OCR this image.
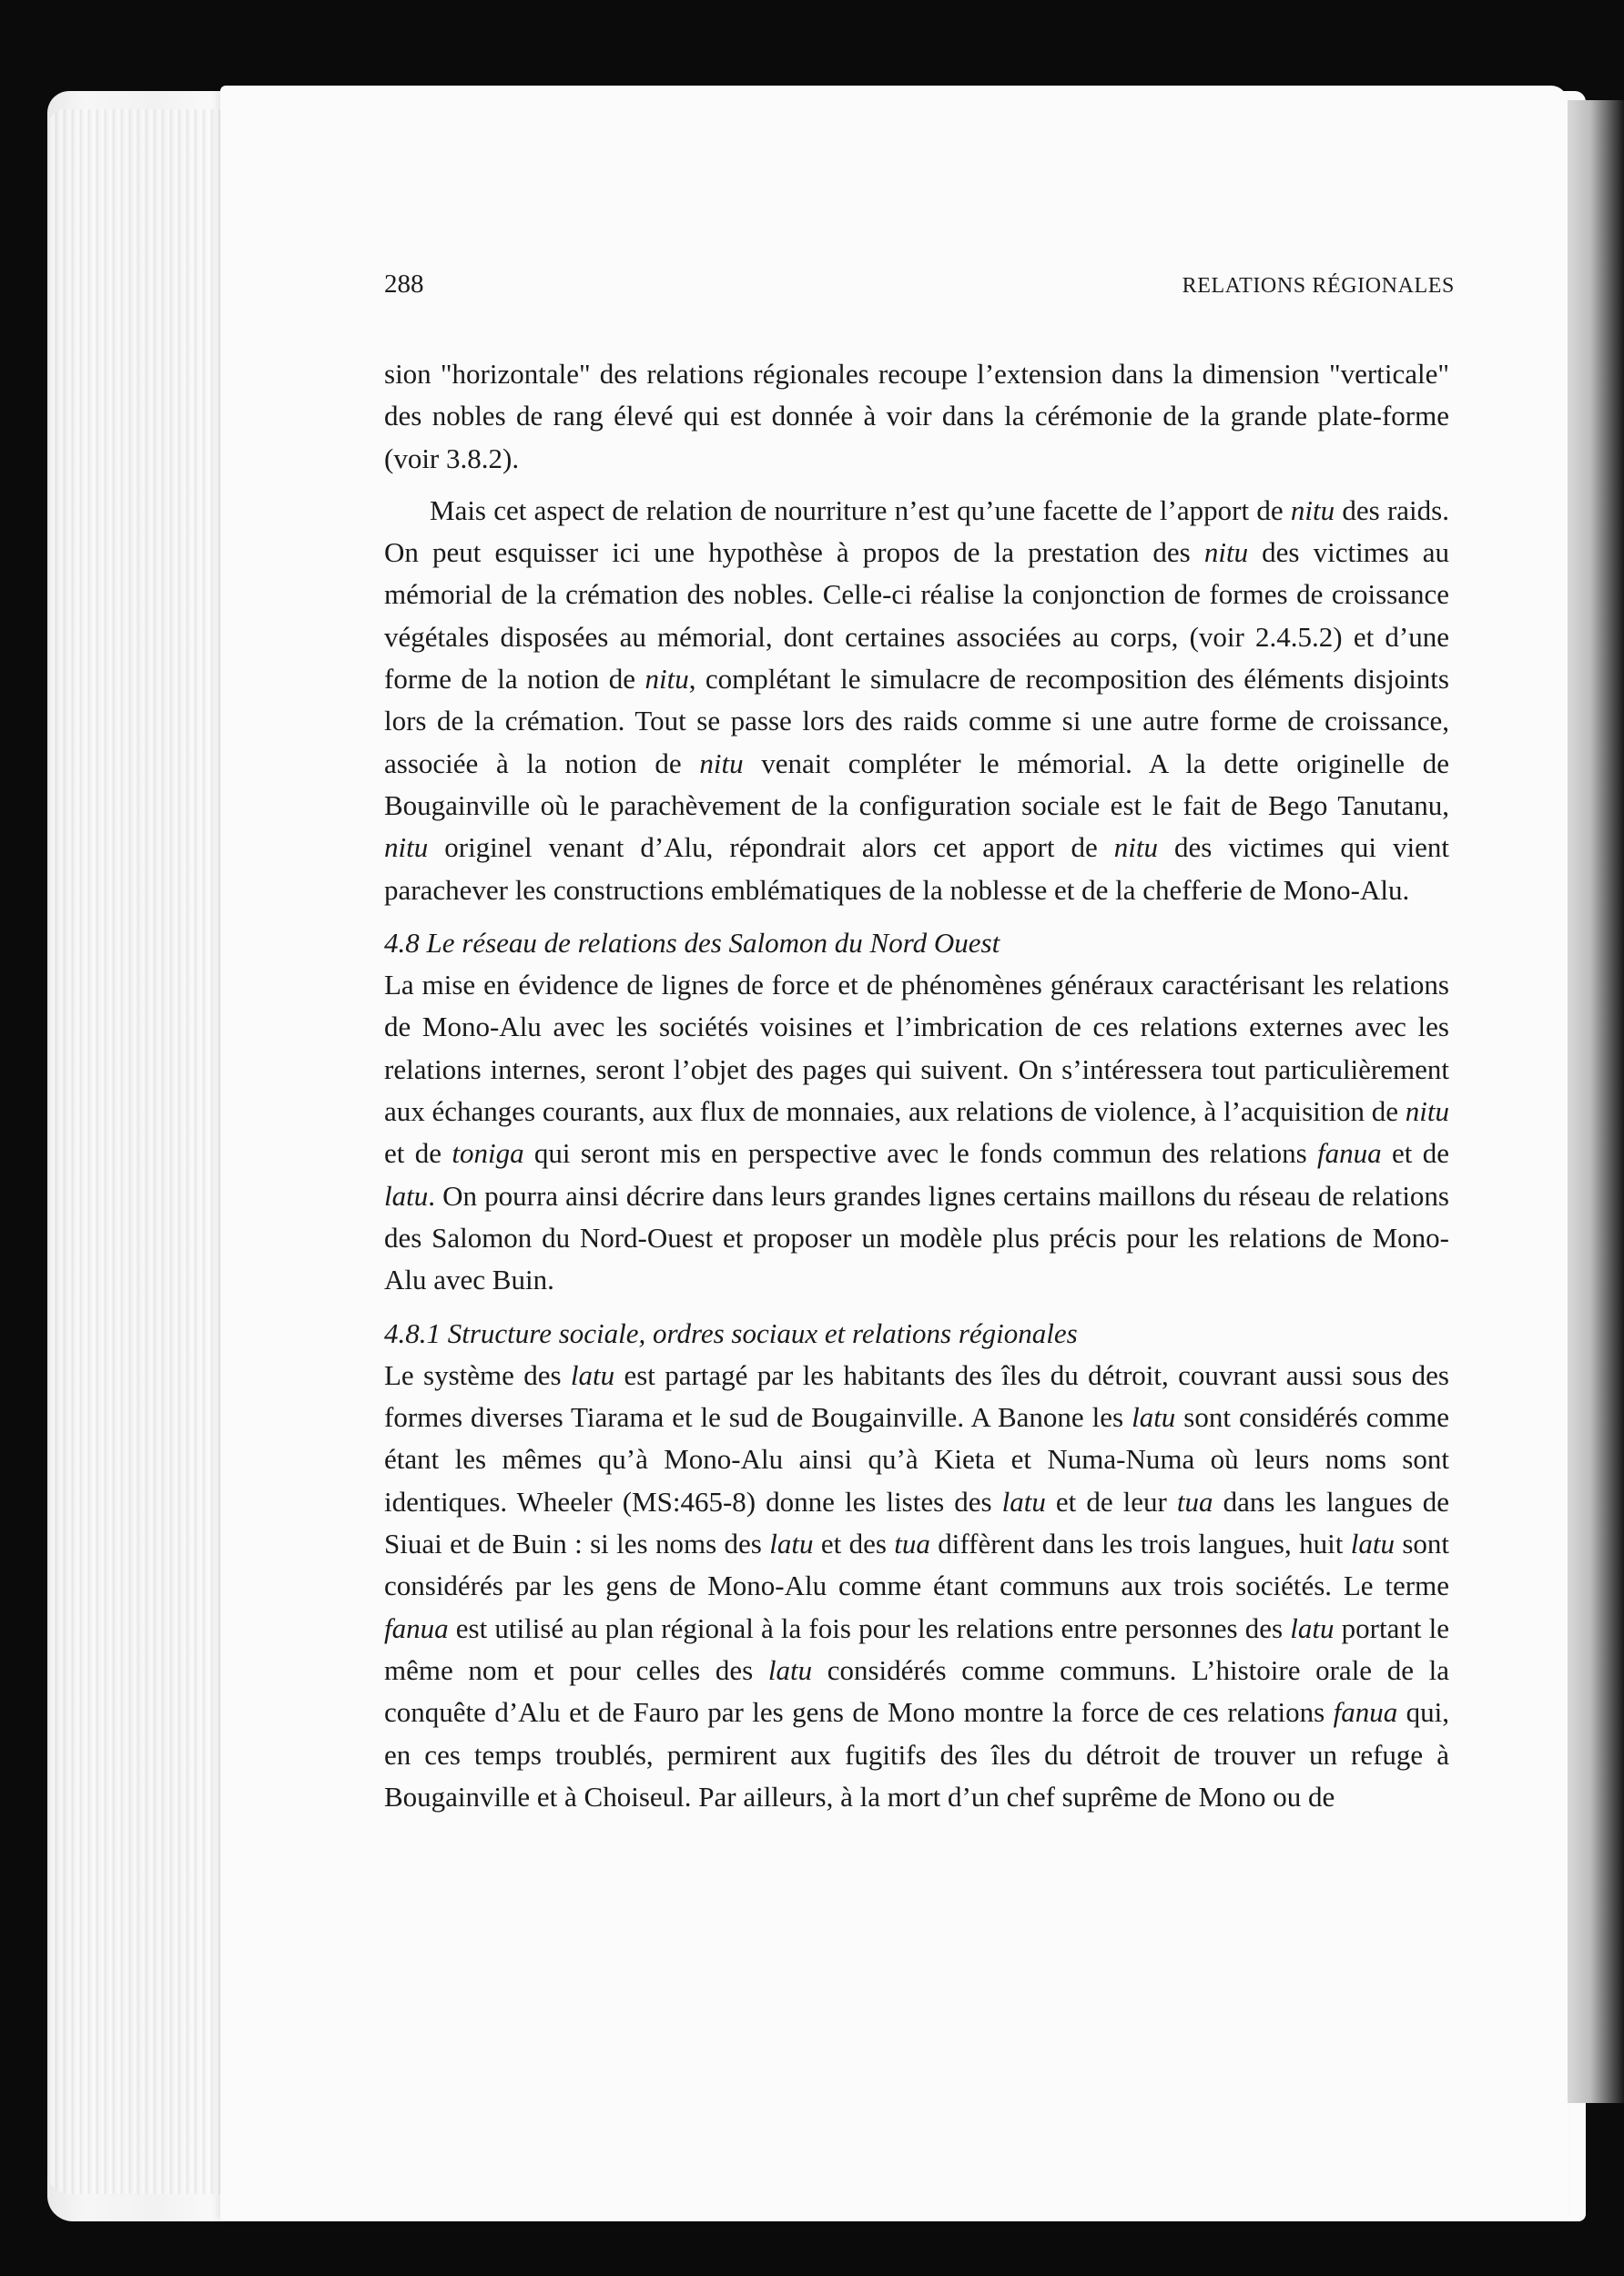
288	RELATIONS RÉGIONALES

sion "horizontale" des relations régionales recoupe l’extension dans la dimension "verticale" des nobles de rang élevé qui est donnée à voir dans la cérémonie de la grande plate-forme (voir 3.8.2).

Mais cet aspect de relation de nourriture n’est qu’une facette de l’apport de nitu des raids. On peut esquisser ici une hypothèse à propos de la prestation des nitu des victimes au mémorial de la crémation des nobles. Celle-ci réalise la conjonction de formes de croissance végétales disposées au mémorial, dont certaines associées au corps, (voir 2.4.5.2) et d’une forme de la notion de nitu, complétant le simulacre de recomposition des éléments disjoints lors de la crémation. Tout se passe lors des raids comme si une autre forme de croissance, associée à la notion de nitu venait compléter le mémorial. A la dette originelle de Bougainville où le parachèvement de la configuration sociale est le fait de Bego Tanutanu, nitu originel venant d’Alu, répondrait alors cet apport de nitu des victimes qui vient parachever les constructions emblématiques de la noblesse et de la chefferie de Mono-Alu.

4.8 Le réseau de relations des Salomon du Nord Ouest

La mise en évidence de lignes de force et de phénomènes généraux caractérisant les relations de Mono-Alu avec les sociétés voisines et l’imbrication de ces relations externes avec les relations internes, seront l’objet des pages qui suivent. On s’intéressera tout particulièrement aux échanges courants, aux flux de monnaies, aux relations de violence, à l’acquisition de nitu et de toniga qui seront mis en perspective avec le fonds commun des relations fanua et de latu. On pourra ainsi décrire dans leurs grandes lignes certains maillons du réseau de relations des Salomon du Nord-Ouest et proposer un modèle plus précis pour les relations de Mono-Alu avec Buin.

4.8.1 Structure sociale, ordres sociaux et relations régionales

Le système des latu est partagé par les habitants des îles du détroit, couvrant aussi sous des formes diverses Tiarama et le sud de Bougainville. A Banone les latu sont considérés comme étant les mêmes qu’à Mono-Alu ainsi qu’à Kieta et Numa-Numa où leurs noms sont identiques. Wheeler (MS:465-8) donne les listes des latu et de leur tua dans les langues de Siuai et de Buin : si les noms des latu et des tua diffèrent dans les trois langues, huit latu sont considérés par les gens de Mono-Alu comme étant communs aux trois sociétés. Le terme fanua est utilisé au plan régional à la fois pour les relations entre personnes des latu portant le même nom et pour celles des latu considérés comme communs. L’histoire orale de la conquête d’Alu et de Fauro par les gens de Mono montre la force de ces relations fanua qui, en ces temps troublés, permirent aux fugitifs des îles du détroit de trouver un refuge à Bougainville et à Choiseul. Par ailleurs, à la mort d’un chef suprême de Mono ou de
